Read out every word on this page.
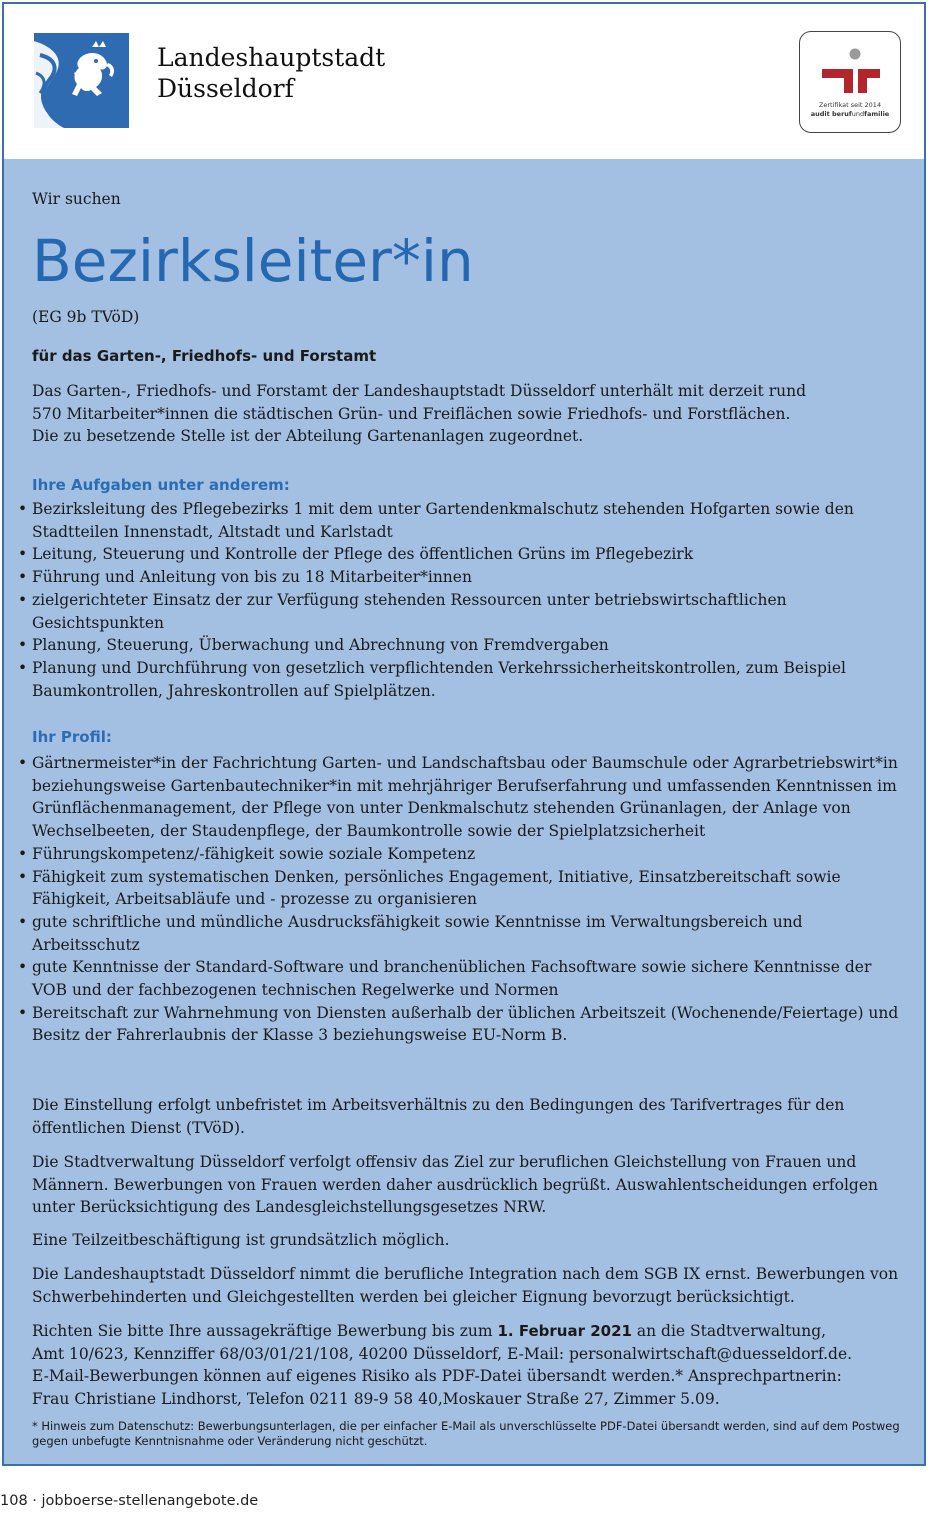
Landeshauptstadt
Düsseldorf
Zertifikat seit 2014
audit berufundfamilie
Wir suchen
Bezirksleiter*in
(EG 9b TVöD)
für das Garten-, Friedhofs- und Forstamt
Das Garten-, Friedhofs- und Forstamt der Landeshauptstadt Düsseldorf unterhält mit derzeit rund
570 Mitarbeiter*innen die städtischen Grün- und Freiflächen sowie Friedhofs- und Forstflächen.
Die zu besetzende Stelle ist der Abteilung Gartenanlagen zugeordnet.
Ihre Aufgaben unter anderem:
• Bezirksleitung des Pflegebezirks 1 mit dem unter Gartendenkmalschutz stehenden Hofgarten sowie den Stadtteilen Innenstadt, Altstadt und Karlstadt
• Leitung, Steuerung und Kontrolle der Pflege des öffentlichen Grüns im Pflegebezirk
• Führung und Anleitung von bis zu 18 Mitarbeiter*innen
• zielgerichteter Einsatz der zur Verfügung stehenden Ressourcen unter betriebswirtschaftlichen Gesichtspunkten
• Planung, Steuerung, Überwachung und Abrechnung von Fremdvergaben
• Planung und Durchführung von gesetzlich verpflichtenden Verkehrssicherheitskontrollen, zum Beispiel Baumkontrollen, Jahreskontrollen auf Spielplätzen.
Ihr Profil:
• Gärtnermeister*in der Fachrichtung Garten- und Landschaftsbau oder Baumschule oder Agrarbetriebswirt*in beziehungsweise Gartenbautechniker*in mit mehrjähriger Berufserfahrung und umfassenden Kenntnissen im Grünflächenmanagement, der Pflege von unter Denkmalschutz stehenden Grünanlagen, der Anlage von Wechselbeeten, der Staudenpflege, der Baumkontrolle sowie der Spielplatzsicherheit
• Führungskompetenz/-fähigkeit sowie soziale Kompetenz
• Fähigkeit zum systematischen Denken, persönliches Engagement, Initiative, Einsatzbereitschaft sowie Fähigkeit, Arbeitsabläufe und - prozesse zu organisieren
• gute schriftliche und mündliche Ausdrucksfähigkeit sowie Kenntnisse im Verwaltungsbereich und Arbeitsschutz
• gute Kenntnisse der Standard-Software und branchenüblichen Fachsoftware sowie sichere Kenntnisse der VOB und der fachbezogenen technischen Regelwerke und Normen
• Bereitschaft zur Wahrnehmung von Diensten außerhalb der üblichen Arbeitszeit (Wochenende/Feiertage) und Besitz der Fahrerlaubnis der Klasse 3 beziehungsweise EU-Norm B.
Die Einstellung erfolgt unbefristet im Arbeitsverhältnis zu den Bedingungen des Tarifvertrages für den öffentlichen Dienst (TVöD).
Die Stadtverwaltung Düsseldorf verfolgt offensiv das Ziel zur beruflichen Gleichstellung von Frauen und Männern. Bewerbungen von Frauen werden daher ausdrücklich begrüßt. Auswahlentscheidungen erfolgen unter Berücksichtigung des Landesgleichstellungsgesetzes NRW.
Eine Teilzeitbeschäftigung ist grundsätzlich möglich.
Die Landeshauptstadt Düsseldorf nimmt die berufliche Integration nach dem SGB IX ernst. Bewerbungen von Schwerbehinderten und Gleichgestellten werden bei gleicher Eignung bevorzugt berücksichtigt.
Richten Sie bitte Ihre aussagekräftige Bewerbung bis zum 1. Februar 2021 an die Stadtverwaltung,
Amt 10/623, Kennziffer 68/03/01/21/108, 40200 Düsseldorf, E-Mail: personalwirtschaft@duesseldorf.de.
E-Mail-Bewerbungen können auf eigenes Risiko als PDF-Datei übersandt werden.* Ansprechpartnerin:
Frau Christiane Lindhorst, Telefon 0211 89-9 58 40,Moskauer Straße 27, Zimmer 5.09.
* Hinweis zum Datenschutz: Bewerbungsunterlagen, die per einfacher E-Mail als unverschlüsselte PDF-Datei übersandt werden, sind auf dem Postweg gegen unbefugte Kenntnisnahme oder Veränderung nicht geschützt.
108 · jobboerse-stellenangebote.de
